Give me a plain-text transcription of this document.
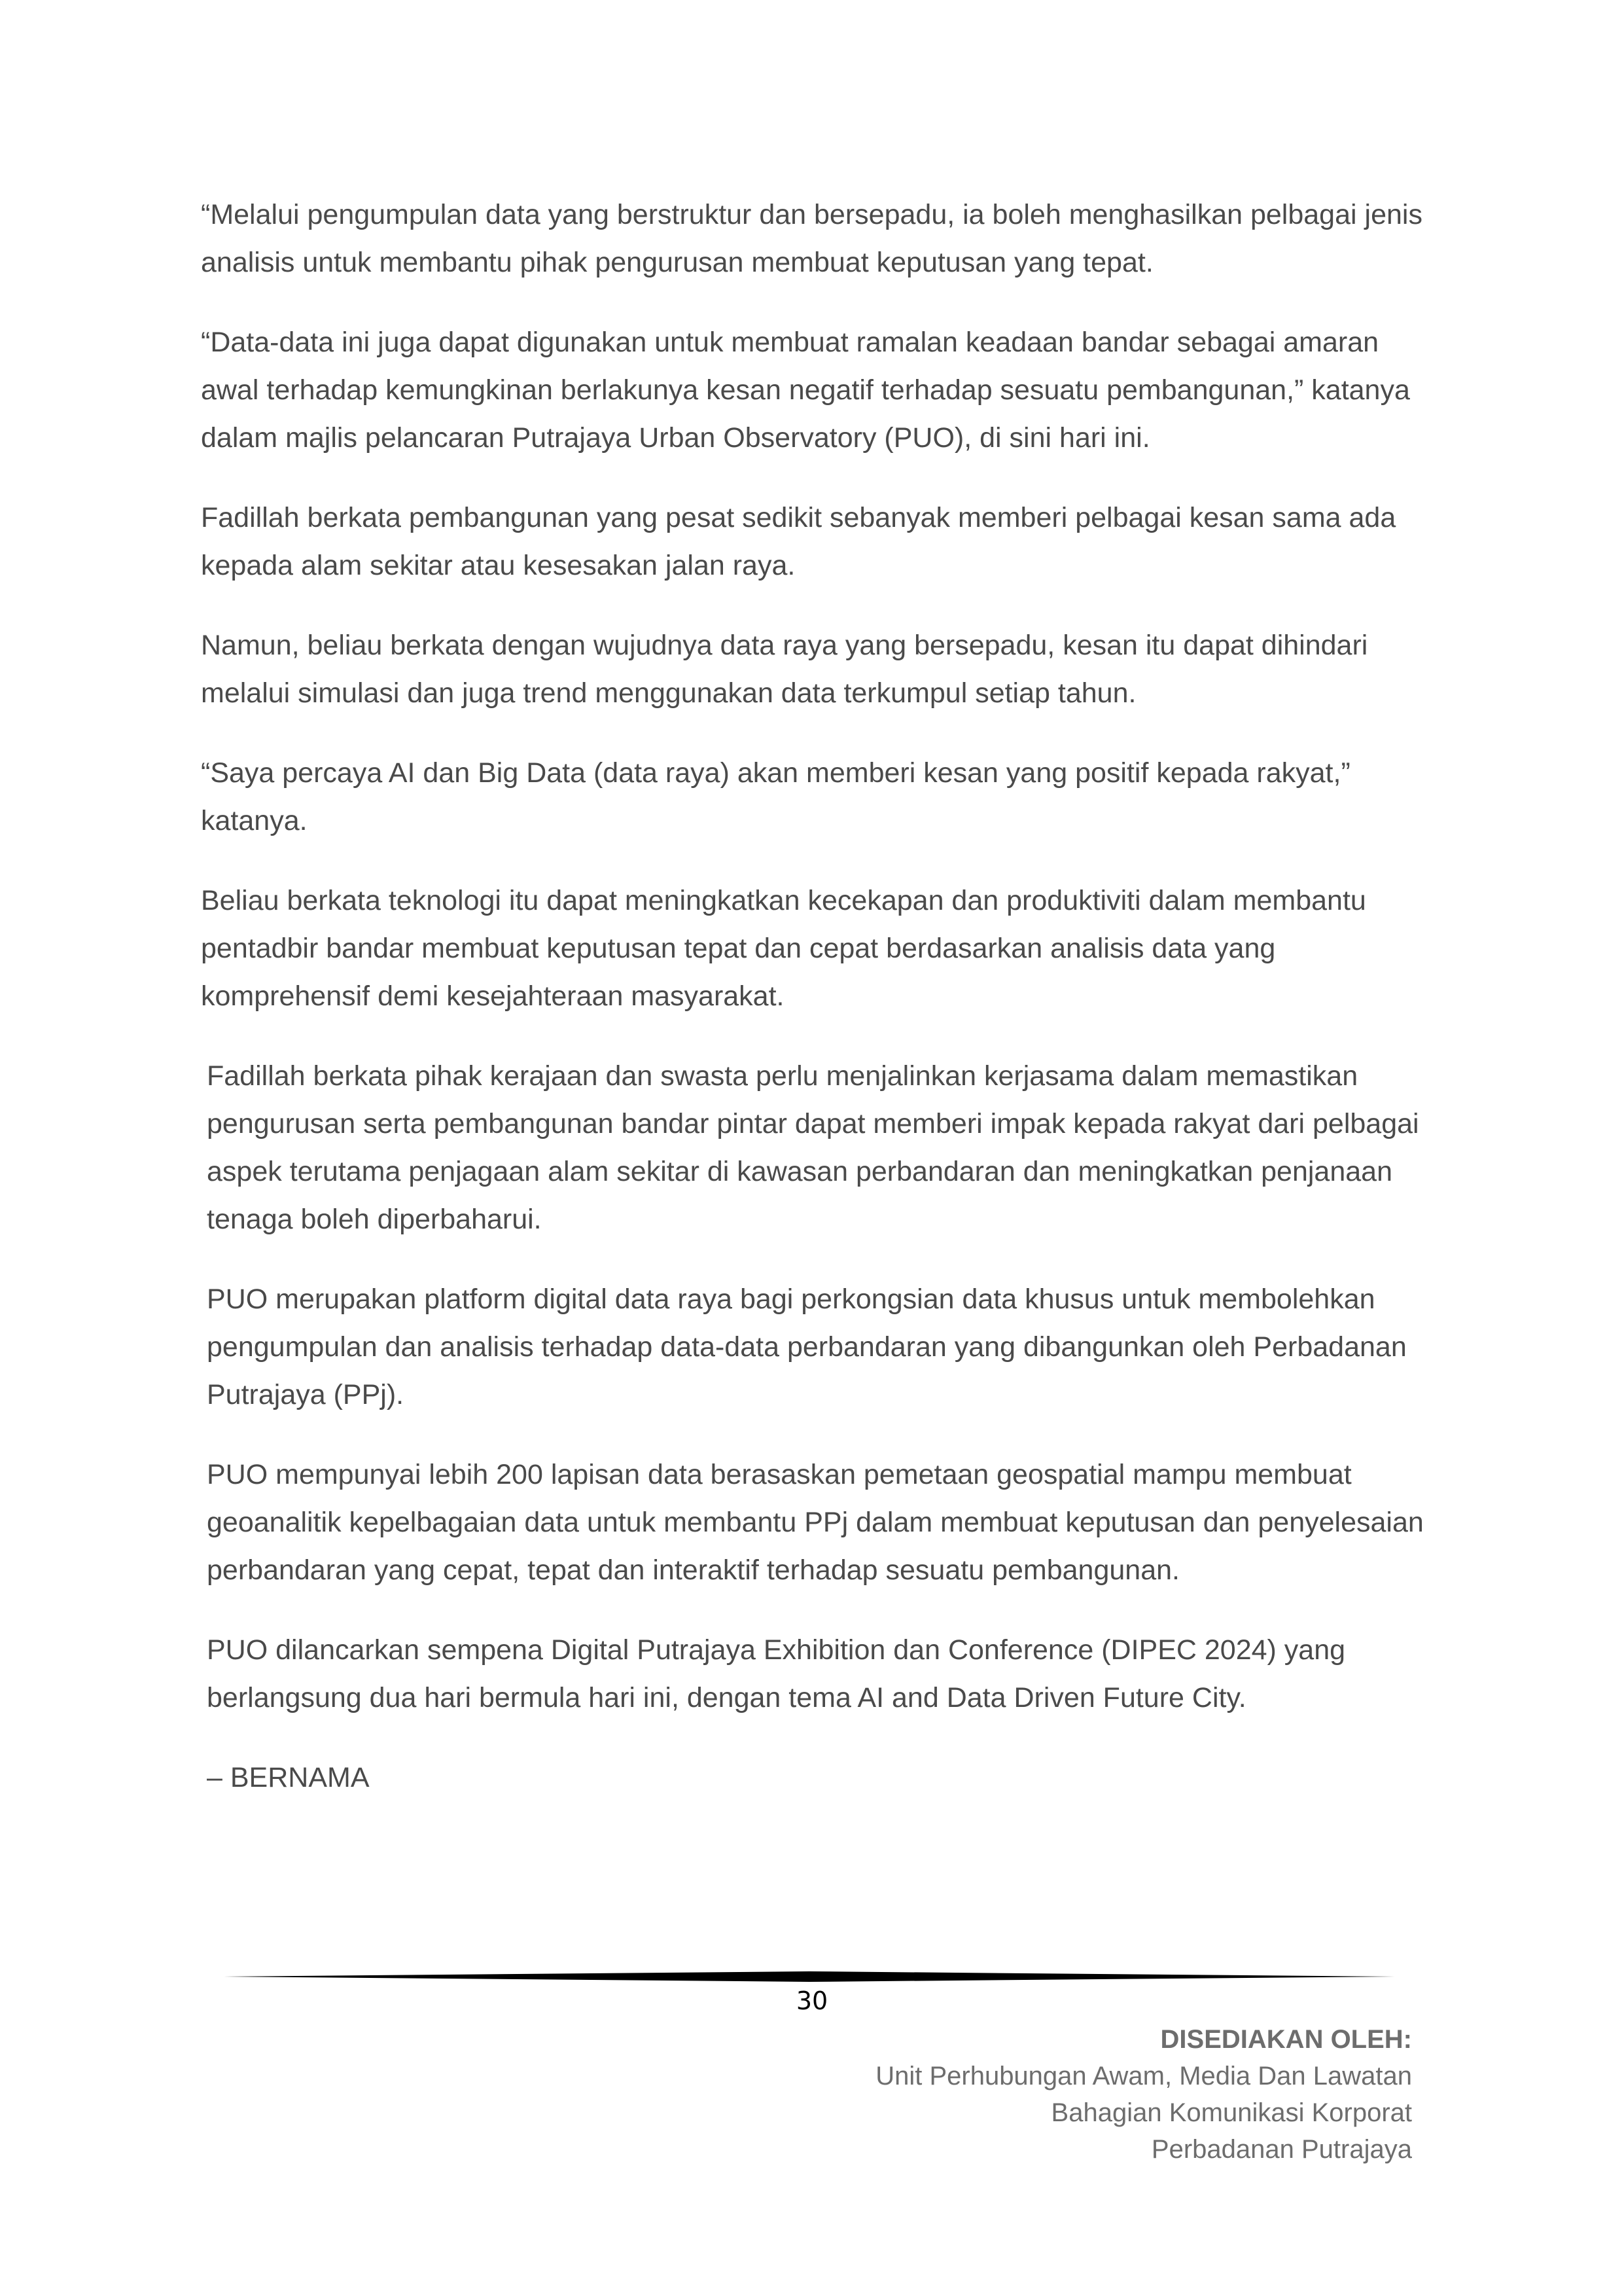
“Melalui pengumpulan data yang berstruktur dan bersepadu, ia boleh menghasilkan pelbagai jenis analisis untuk membantu pihak pengurusan membuat keputusan yang tepat.

“Data-data ini juga dapat digunakan untuk membuat ramalan keadaan bandar sebagai amaran awal terhadap kemungkinan berlakunya kesan negatif terhadap sesuatu pembangunan,” katanya dalam majlis pelancaran Putrajaya Urban Observatory (PUO), di sini hari ini.

Fadillah berkata pembangunan yang pesat sedikit sebanyak memberi pelbagai kesan sama ada kepada alam sekitar atau kesesakan jalan raya.

Namun, beliau berkata dengan wujudnya data raya yang bersepadu, kesan itu dapat dihindari melalui simulasi dan juga trend menggunakan data terkumpul setiap tahun.

“Saya percaya AI dan Big Data (data raya) akan memberi kesan yang positif kepada rakyat,” katanya.

Beliau berkata teknologi itu dapat meningkatkan kecekapan dan produktiviti dalam membantu pentadbir bandar membuat keputusan tepat dan cepat berdasarkan analisis data yang komprehensif demi kesejahteraan masyarakat.

Fadillah berkata pihak kerajaan dan swasta perlu menjalinkan kerjasama dalam memastikan pengurusan serta pembangunan bandar pintar dapat memberi impak kepada rakyat dari pelbagai aspek terutama penjagaan alam sekitar di kawasan perbandaran dan meningkatkan penjanaan tenaga boleh diperbaharui.

PUO merupakan platform digital data raya bagi perkongsian data khusus untuk membolehkan pengumpulan dan analisis terhadap data-data perbandaran yang dibangunkan oleh Perbadanan Putrajaya (PPj).

PUO mempunyai lebih 200 lapisan data berasaskan pemetaan geospatial mampu membuat geoanalitik kepelbagaian data untuk membantu PPj dalam membuat keputusan dan penyelesaian perbandaran yang cepat, tepat dan interaktif terhadap sesuatu pembangunan.

PUO dilancarkan sempena Digital Putrajaya Exhibition dan Conference (DIPEC 2024) yang berlangsung dua hari bermula hari ini, dengan tema AI and Data Driven Future City.

– BERNAMA

30
DISEDIAKAN OLEH:
Unit Perhubungan Awam, Media Dan Lawatan
Bahagian Komunikasi Korporat
Perbadanan Putrajaya
